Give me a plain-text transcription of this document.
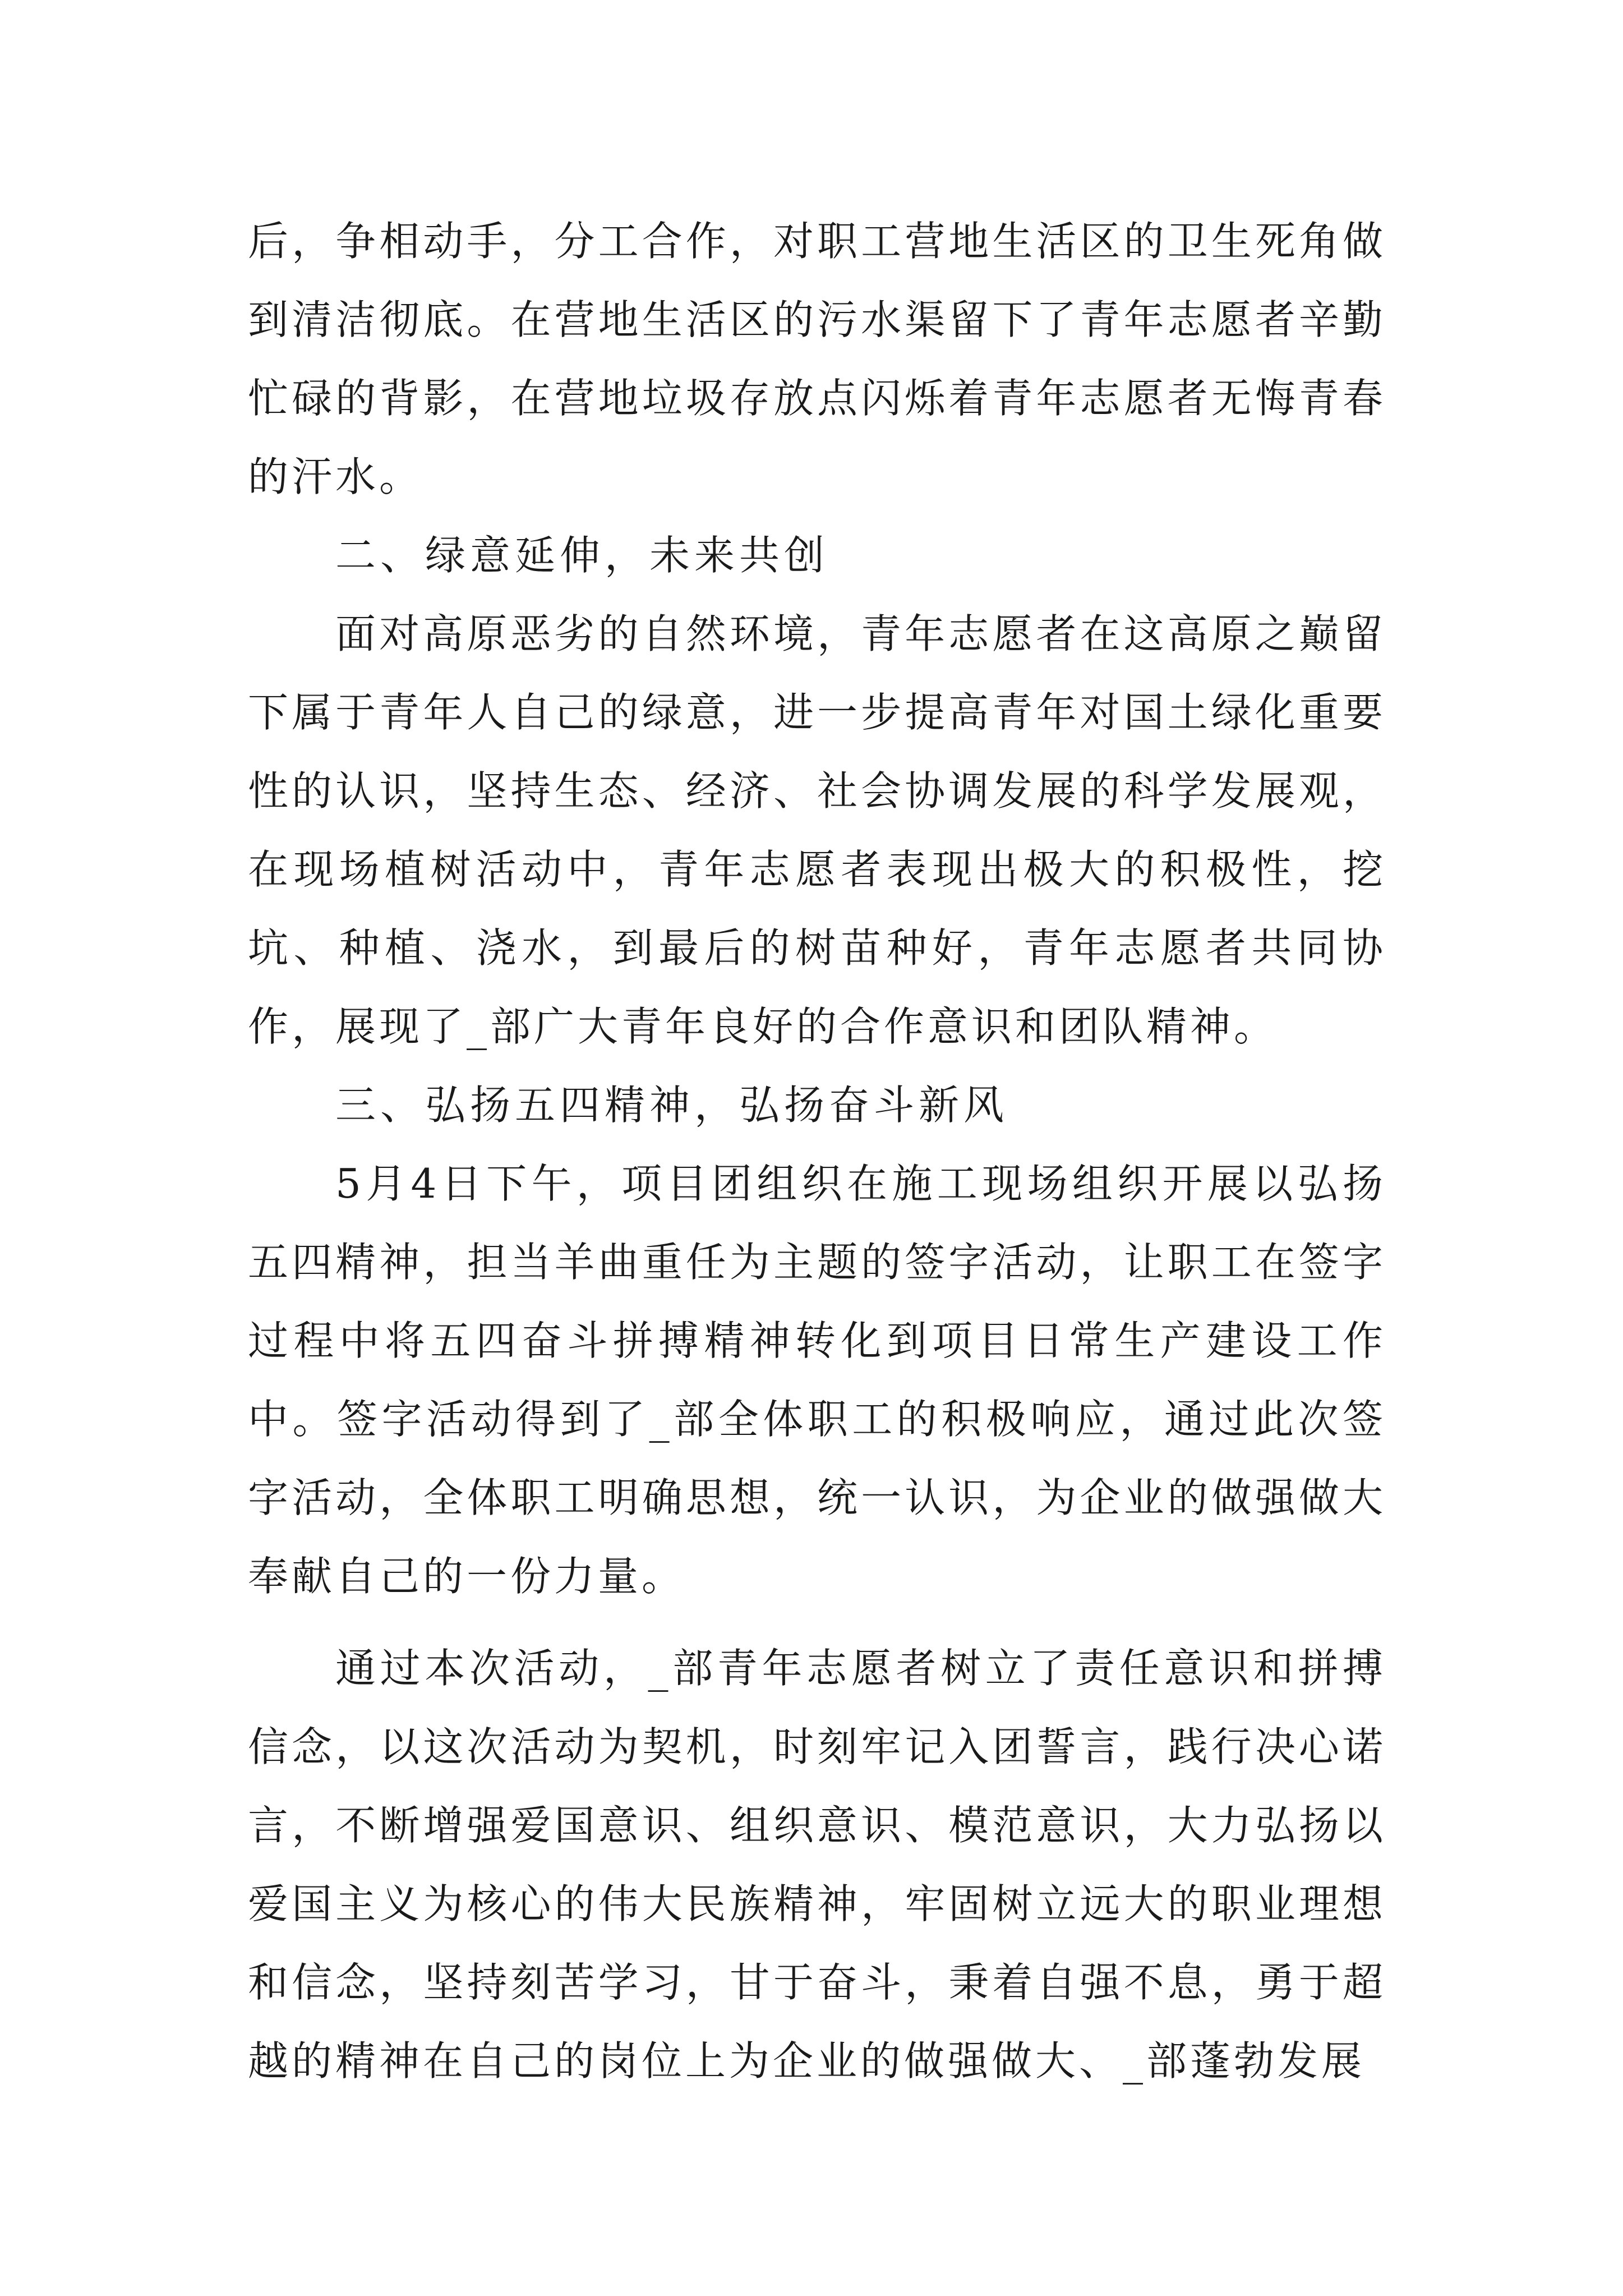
后，争相动手，分工合作，对职工营地生活区的卫生死角做到清洁彻底。在营地生活区的污水渠留下了青年志愿者辛勤忙碌的背影，在营地垃圾存放点闪烁着青年志愿者无悔青春的汗水。

二、绿意延伸，未来共创

面对高原恶劣的自然环境，青年志愿者在这高原之巅留下属于青年人自己的绿意，进一步提高青年对国土绿化重要性的认识，坚持生态、经济、社会协调发展的科学发展观，在现场植树活动中，青年志愿者表现出极大的积极性，挖坑、种植、浇水，到最后的树苗种好，青年志愿者共同协作，展现了_部广大青年良好的合作意识和团队精神。

三、弘扬五四精神，弘扬奋斗新风

5月4日下午，项目团组织在施工现场组织开展以弘扬五四精神，担当羊曲重任为主题的签字活动，让职工在签字过程中将五四奋斗拼搏精神转化到项目日常生产建设工作中。签字活动得到了_部全体职工的积极响应，通过此次签字活动，全体职工明确思想，统一认识，为企业的做强做大奉献自己的一份力量。

通过本次活动，_部青年志愿者树立了责任意识和拼搏信念，以这次活动为契机，时刻牢记入团誓言，践行决心诺言，不断增强爱国意识、组织意识、模范意识，大力弘扬以爱国主义为核心的伟大民族精神，牢固树立远大的职业理想和信念，坚持刻苦学习，甘于奋斗，秉着自强不息，勇于超越的精神在自己的岗位上为企业的做强做大、_部蓬勃发展
